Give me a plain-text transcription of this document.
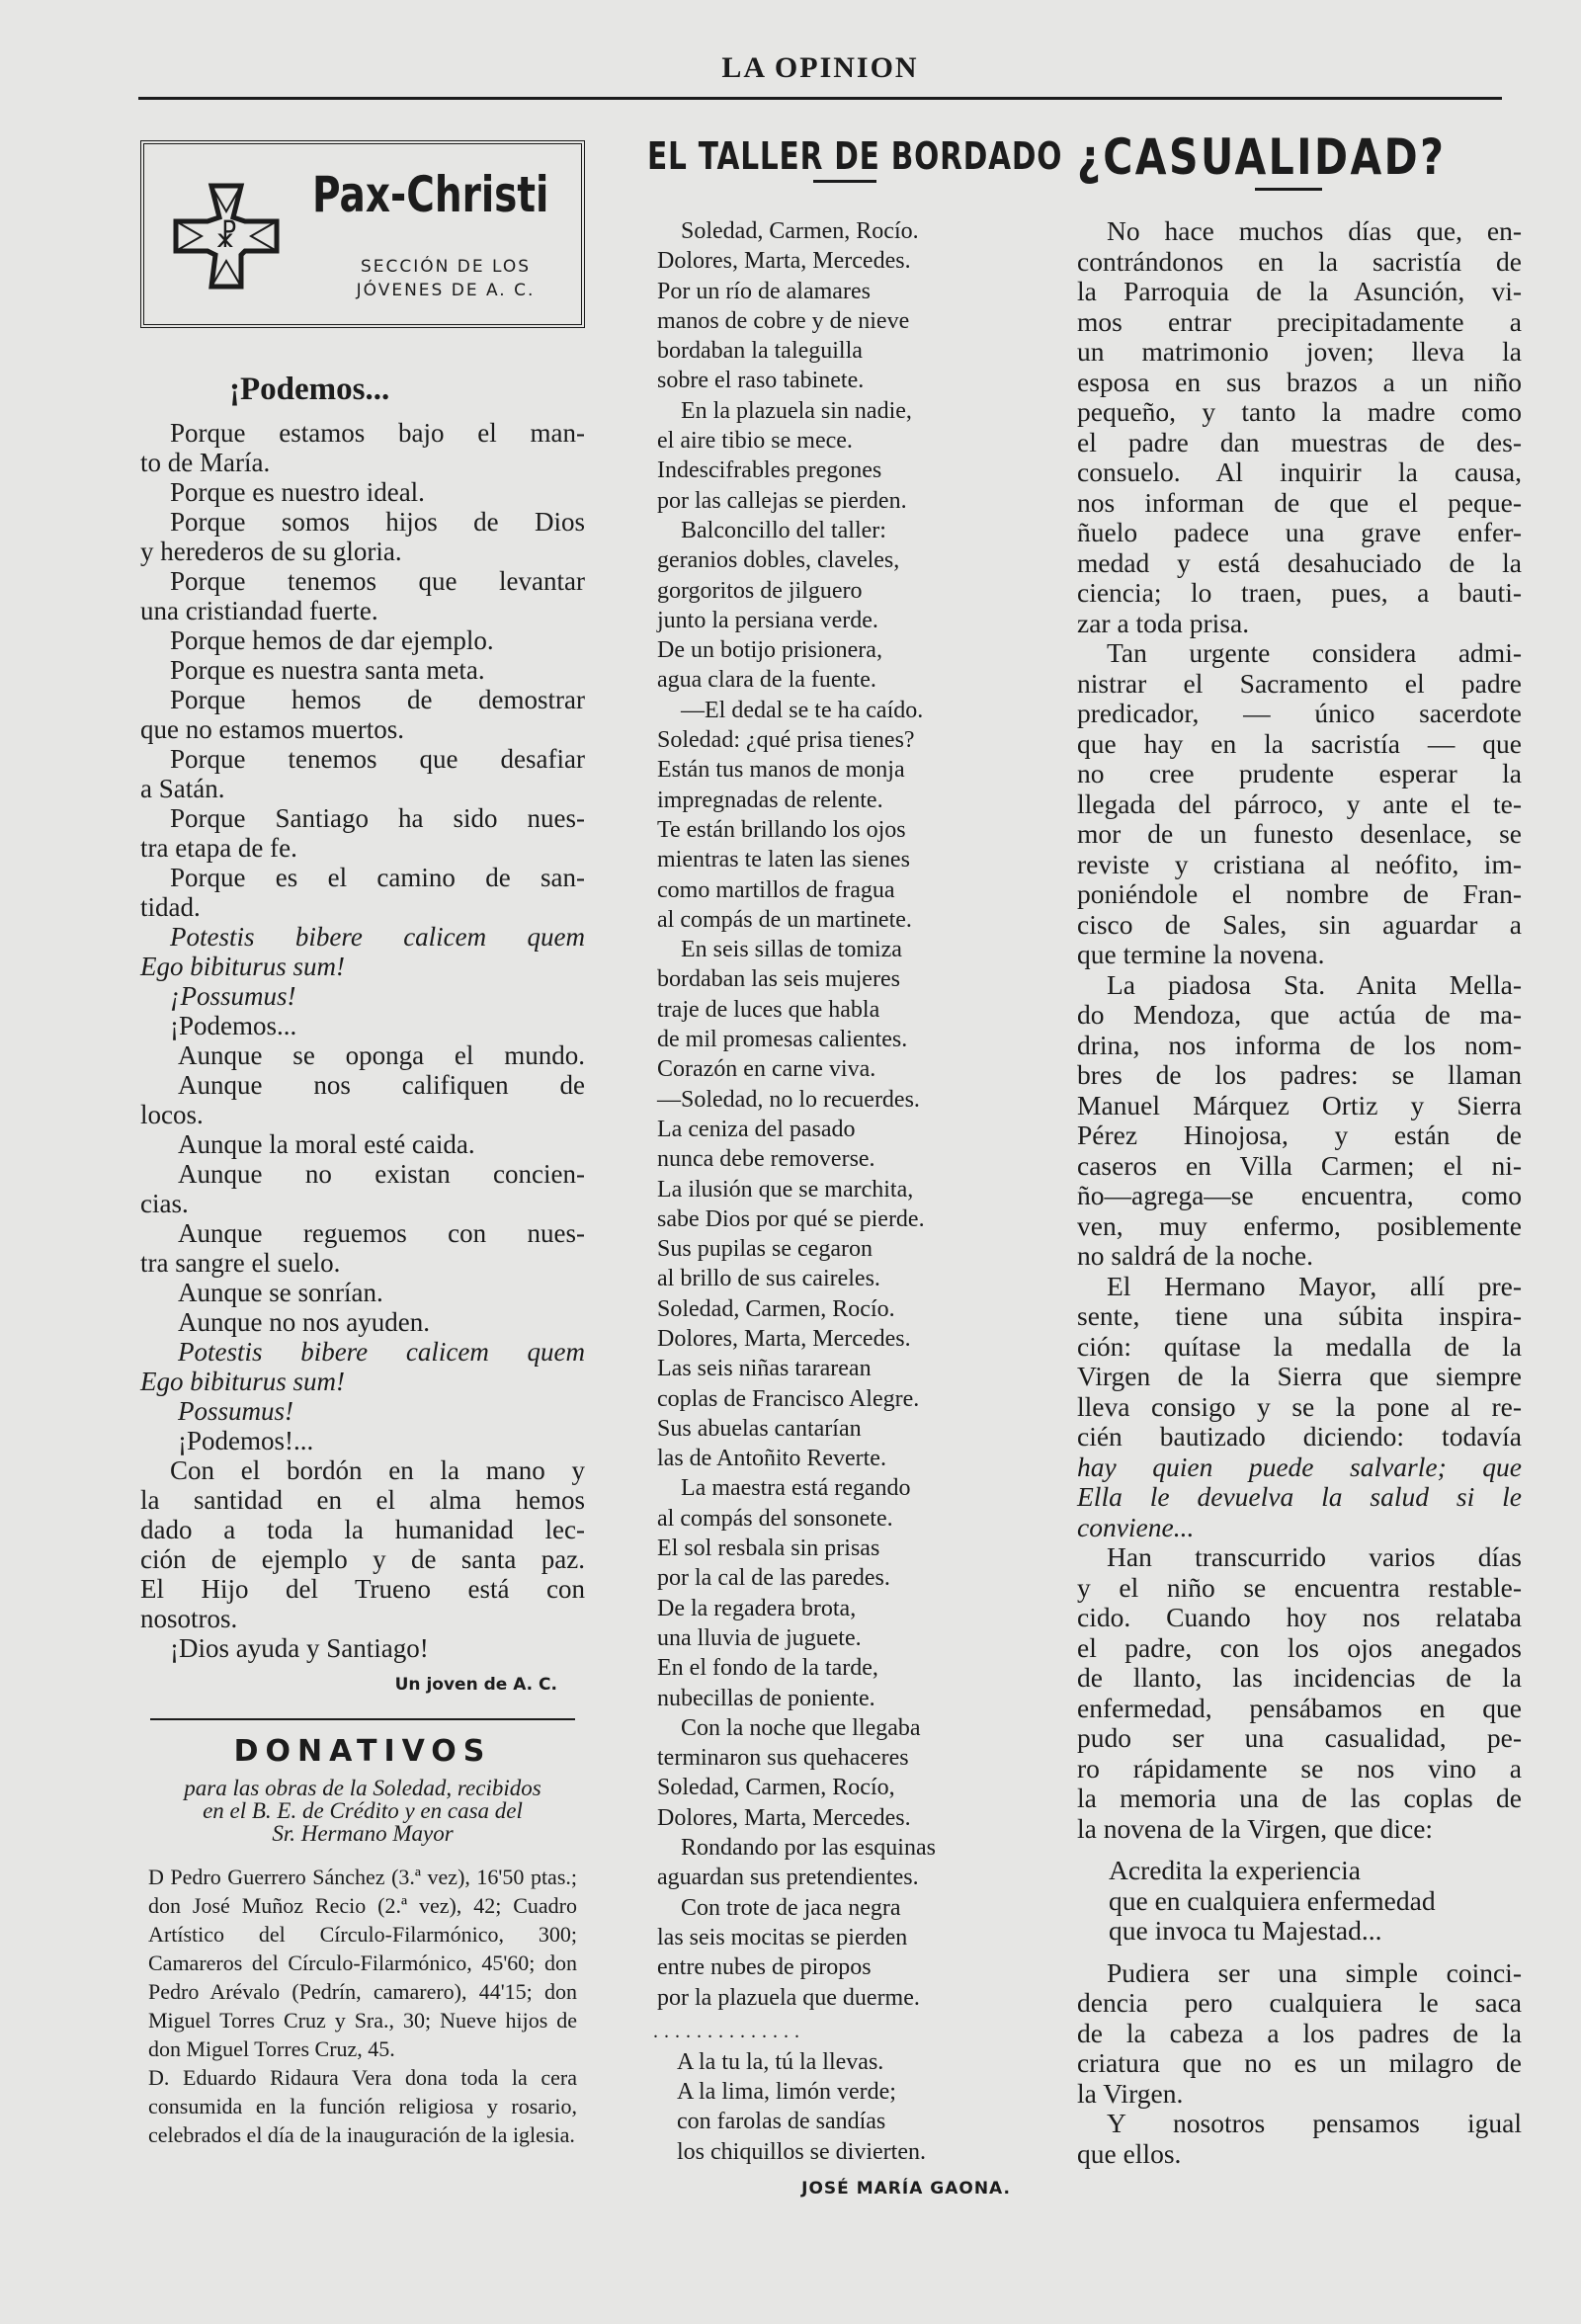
LA OPINION
☧
Pax-Christi
SECCIÓN DE LOS
JÓVENES DE A. C.
¡Podemos...
Porque estamos bajo el man-
to de María.
Porque es nuestro ideal.
Porque somos hijos de Dios
y herederos de su gloria.
Porque tenemos que levantar
una cristiandad fuerte.
Porque hemos de dar ejemplo.
Porque es nuestra santa meta.
Porque hemos de demostrar
que no estamos muertos.
Porque tenemos que desafiar
a Satán.
Porque Santiago ha sido nues-
tra etapa de fe.
Porque es el camino de san-
tidad.
Potestis bibere calicem quem
Ego bibiturus sum!
¡Possumus!
¡Podemos...
Aunque se oponga el mundo.
Aunque nos califiquen de
locos.
Aunque la moral esté caida.
Aunque no existan concien-
cias.
Aunque reguemos con nues-
tra sangre el suelo.
Aunque se sonrían.
Aunque no nos ayuden.
Potestis bibere calicem quem
Ego bibiturus sum!
Possumus!
¡Podemos!...
Con el bordón en la mano y
la santidad en el alma hemos
dado a toda la humanidad lec-
ción de ejemplo y de santa paz.
El Hijo del Trueno está con
nosotros.
¡Dios ayuda y Santiago!
Un joven de A. C.
DONATIVOS
para las obras de la Soledad, recibidos
en el B. E. de Crédito y en casa del
Sr. Hermano Mayor

D Pedro Guerrero Sánchez (3.ª vez), 16'50 ptas.; don José Muñoz Recio (2.ª vez), 42; Cuadro Artístico del Círculo-Filarmónico, 300; Camareros del Círculo-Filarmónico, 45'60; don Pedro Arévalo (Pedrín, camarero), 44'15; don Miguel Torres Cruz y Sra., 30; Nueve hijos de don Miguel Torres Cruz, 45.

D. Eduardo Ridaura Vera dona toda la cera consumida en la función religiosa y rosario, celebrados el día de la inauguración de la iglesia.

EL TALLER DE BORDADO
Soledad, Carmen, Rocío.
Dolores, Marta, Mercedes.
Por un río de alamares
manos de cobre y de nieve
bordaban la taleguilla
sobre el raso tabinete.
En la plazuela sin nadie,
el aire tibio se mece.
Indescifrables pregones
por las callejas se pierden.
Balconcillo del taller:
geranios dobles, claveles,
gorgoritos de jilguero
junto la persiana verde.
De un botijo prisionera,
agua clara de la fuente.
—El dedal se te ha caído.
Soledad: ¿qué prisa tienes?
Están tus manos de monja
impregnadas de relente.
Te están brillando los ojos
mientras te laten las sienes
como martillos de fragua
al compás de un martinete.
En seis sillas de tomiza
bordaban las seis mujeres
traje de luces que habla
de mil promesas calientes.
Corazón en carne viva.
—Soledad, no lo recuerdes.
La ceniza del pasado
nunca debe removerse.
La ilusión que se marchita,
sabe Dios por qué se pierde.
Sus pupilas se cegaron
al brillo de sus caireles.
Soledad, Carmen, Rocío.
Dolores, Marta, Mercedes.
Las seis niñas tararean
coplas de Francisco Alegre.
Sus abuelas cantarían
las de Antoñito Reverte.
La maestra está regando
al compás del sonsonete.
El sol resbala sin prisas
por la cal de las paredes.
De la regadera brota,
una lluvia de juguete.
En el fondo de la tarde,
nubecillas de poniente.
Con la noche que llegaba
terminaron sus quehaceres
Soledad, Carmen, Rocío,
Dolores, Marta, Mercedes.
Rondando por las esquinas
aguardan sus pretendientes.
Con trote de jaca negra
las seis mocitas se pierden
entre nubes de piropos
por la plazuela que duerme.
..............
A la tu la, tú la llevas.
A la lima, limón verde;
con farolas de sandías
los chiquillos se divierten.
JOSÉ MARÍA GAONA.
¿CASUALIDAD?
No hace muchos días que, en-
contrándonos en la sacristía de
la Parroquia de la Asunción, vi-
mos entrar precipitadamente a
un matrimonio joven; lleva la
esposa en sus brazos a un niño
pequeño, y tanto la madre como
el padre dan muestras de des-
consuelo. Al inquirir la causa,
nos informan de que el peque-
ñuelo padece una grave enfer-
medad y está desahuciado de la
ciencia; lo traen, pues, a bauti-
zar a toda prisa.
Tan urgente considera admi-
nistrar el Sacramento el padre
predicador, — único sacerdote
que hay en la sacristía — que
no cree prudente esperar la
llegada del párroco, y ante el te-
mor de un funesto desenlace, se
reviste y cristiana al neófito, im-
poniéndole el nombre de Fran-
cisco de Sales, sin aguardar a
que termine la novena.
La piadosa Sta. Anita Mella-
do Mendoza, que actúa de ma-
drina, nos informa de los nom-
bres de los padres: se llaman
Manuel Márquez Ortiz y Sierra
Pérez Hinojosa, y están de
caseros en Villa Carmen; el ni-
ño—agrega—se encuentra, como
ven, muy enfermo, posiblemente
no saldrá de la noche.
El Hermano Mayor, allí pre-
sente, tiene una súbita inspira-
ción: quítase la medalla de la
Virgen de la Sierra que siempre
lleva consigo y se la pone al re-
cién bautizado diciendo: todavía
hay quien puede salvarle; que
Ella le devuelva la salud si le
conviene...
Han transcurrido varios días
y el niño se encuentra restable-
cido. Cuando hoy nos relataba
el padre, con los ojos anegados
de llanto, las incidencias de la
enfermedad, pensábamos en que
pudo ser una casualidad, pe-
ro rápidamente se nos vino a
la memoria una de las coplas de
la novena de la Virgen, que dice:
Acredita la experiencia
que en cualquiera enfermedad
que invoca tu Majestad...
Pudiera ser una simple coinci-
dencia pero cualquiera le saca
de la cabeza a los padres de la
criatura que no es un milagro de
la Virgen.
Y nosotros pensamos igual
que ellos.
